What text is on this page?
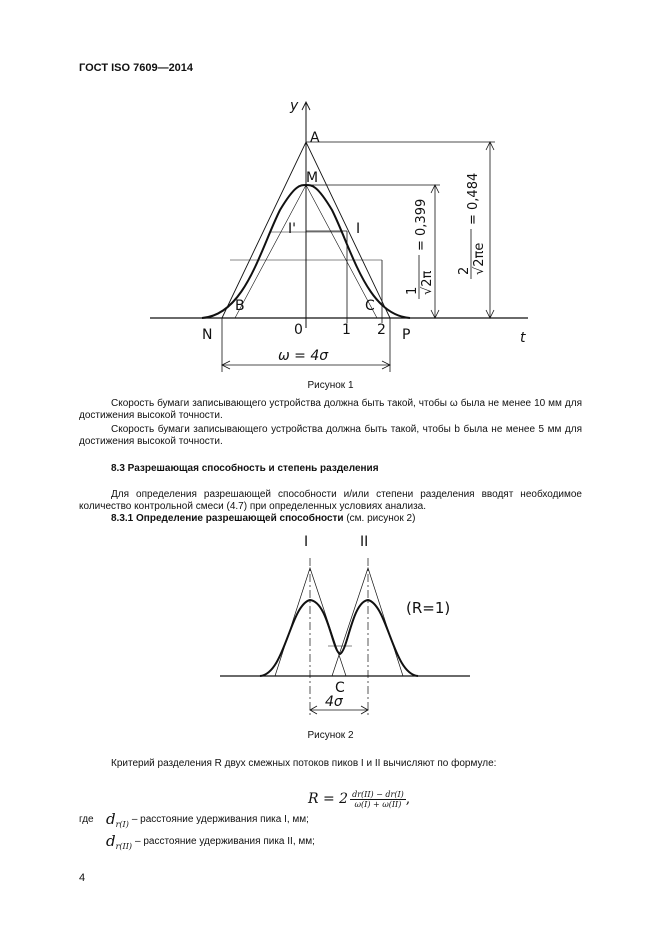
ГОСТ ISO 7609—2014
y
t
A
M
I
I'
B	C
N	P
0	1 2
ω = 4σ
1 √2π
= 0,399
2 √2πe
= 0,484
Рисунок 1
Скорость бумаги записывающего устройства должна быть такой, чтобы ω была не менее 10 мм для достижения высокой точности.
Скорость бумаги записывающего устройства должна быть такой, чтобы b была не менее 5 мм для достижения высокой точности.
8.3 Разрешающая способность и степень разделения
Для определения разрешающей способности и/или степени разделения вводят необходимое количество контрольной смеси (4.7) при определенных условиях анализа.
8.3.1 Определение разрешающей способности (см. рисунок 2)
I	II
(R=1)
C
4σ
Рисунок 2
Критерий разделения R двух смежных потоков пиков I и II вычисляют по формуле:
$R = 2 \frac{dr(II) - dr(I)}{\omega(I) + \omega(II)}$ ,
где $d_{r(I)}$ – расстояние удерживания пика I, мм;
$d_{r(II)}$ – расстояние удерживания пика II, мм;
4
